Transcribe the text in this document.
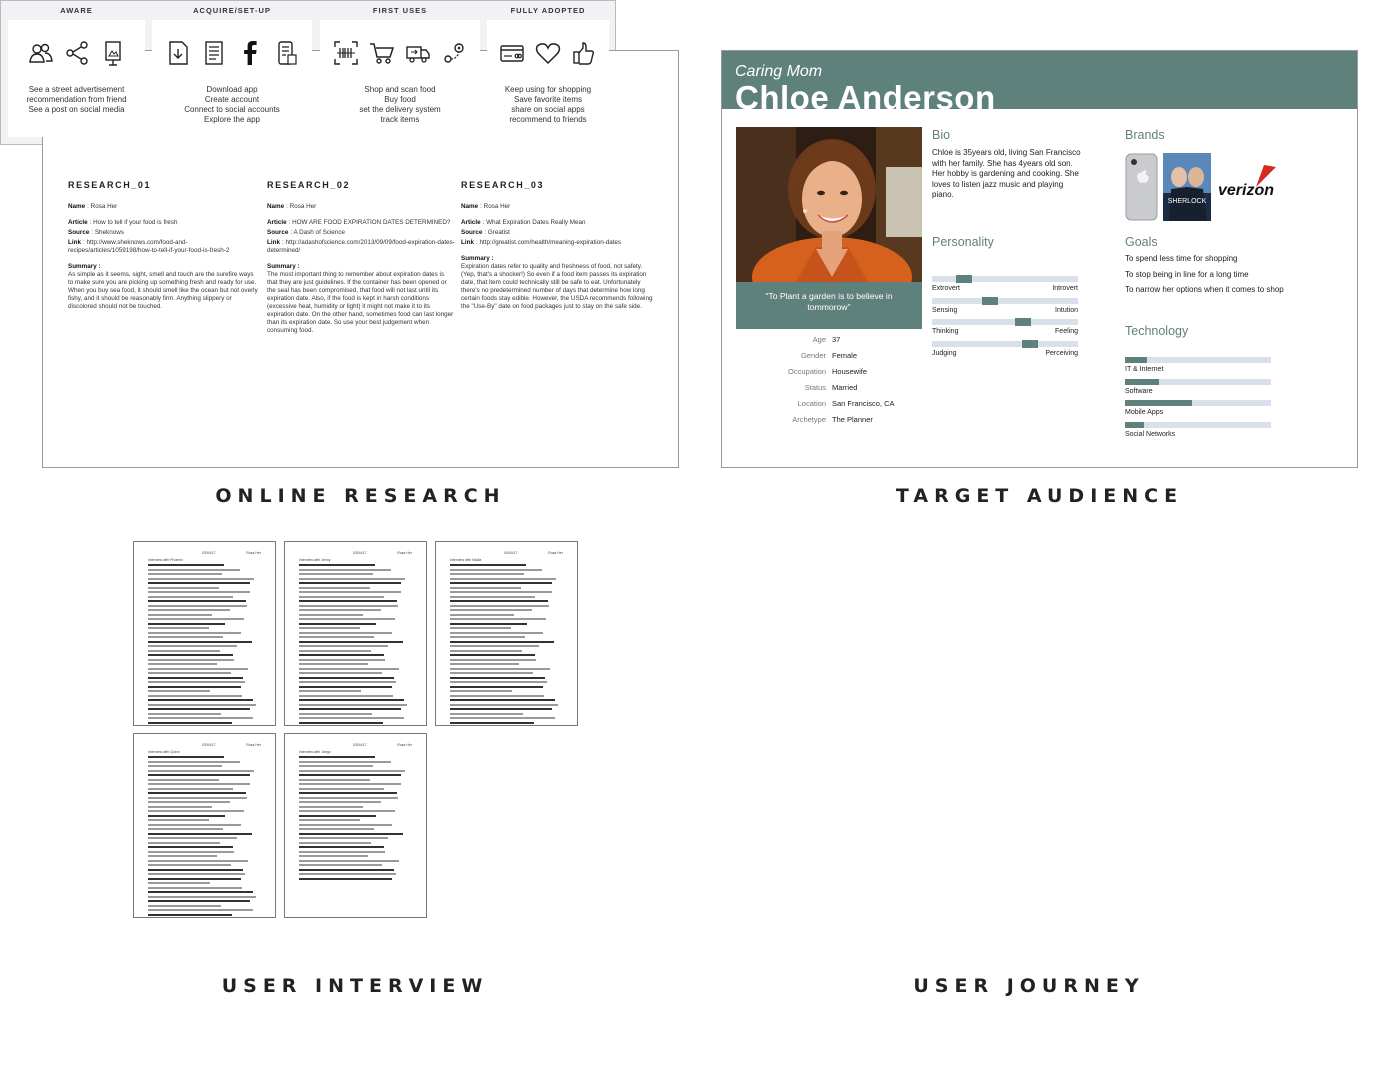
RESEARCH_01
Name : Rosa Her
Article : How to tell if your food is fresh
Source : Sheknows
Link : http://www.sheknows.com/food-and-recipes/articles/1059198/how-to-tell-if-your-food-is-fresh-2
Summary :
As simple as it seems, sight, smell and touch are the surefire ways to make sure you are picking up something fresh and ready for use. When you buy sea food, it should smell like the ocean but not overly fishy, and it should be reasonably firm. Anything slippery or discolored should not be touched.
RESEARCH_02
Name : Rosa Her
Article : HOW ARE FOOD EXPIRATION DATES DETERMINED?
Source : A Dash of Science
Link : http://adashofscience.com/2013/09/09/food-expiration-dates-determined/
Summary :
The most important thing to remember about expiration dates is that they are just guidelines. If the container has been opened or the seal has been compromised, that food will not last until its expiration date. Also, if the food is kept in harsh conditions (excessive heat, humidity or light) it might not make it to its expiration date. On the other hand, sometimes food can last longer than its expiration date. So use your best judgement when consuming food.
RESEARCH_03
Name : Rosa Her
Article : What Expiration Dates Really Mean
Source : Greatist
Link : http://greatist.com/health/meaning-expiration-dates
Summary :
Expiration dates refer to quality and freshness of food, not safety. (Yep, that's a shocker!) So even if a food item passes its expiration date, that item could technically still be safe to eat. Unfortunately there's no predetermined number of days that determine how long certain foods stay edible. However, the USDA recommends following the "Use-By" date on food packages just to stay on the safe side.
ONLINE RESEARCH
Caring Mom
Chloe Anderson
"To Plant a garden is to believe in tommorow"
Age 37
Gender Female
Occupation Housewife
Status Married
Location San Francisco, CA
Archetype The Planner
Bio
Chloe is 35years old, living San Francisco with her family. She has 4years old son. Her hobby is gardening and cooking. She loves to listen jazz music and playing piano.
Personality
Extrovert	Introvert
Sensing	Intution
Thinking	Feeling
Judging	Perceiving
Brands
SHERLOCK
verizon
Goals
To spend less time for shopping
To stop being in line for a long time
To narrow her options when it comes to shop
Technology
IT & Internet
Software
Mobile Apps
Social Networks
TARGET AUDIENCE
03/04/17	Rosa Her
Interview with Phoenix
03/04/17	Rosa Her
Interview with Jenny
03/04/17	Rosa Her
Interview with Nadia
03/04/17	Rosa Her
Interview with Quinn
03/04/17	Rosa Her
Interview with Jaego
USER INTERVIEW
AWARE
See a street advertisement
recommendation from friend
See a post on social media
ACQUIRE/SET-UP
Download app
Create account
Connect to social accounts
Explore the app
FIRST USES
Shop and scan food
Buy food
set the delivery system
track items
FULLY ADOPTED
Keep using for shopping
Save favorite items
share on social apps
recommend to friends
USER JOURNEY
